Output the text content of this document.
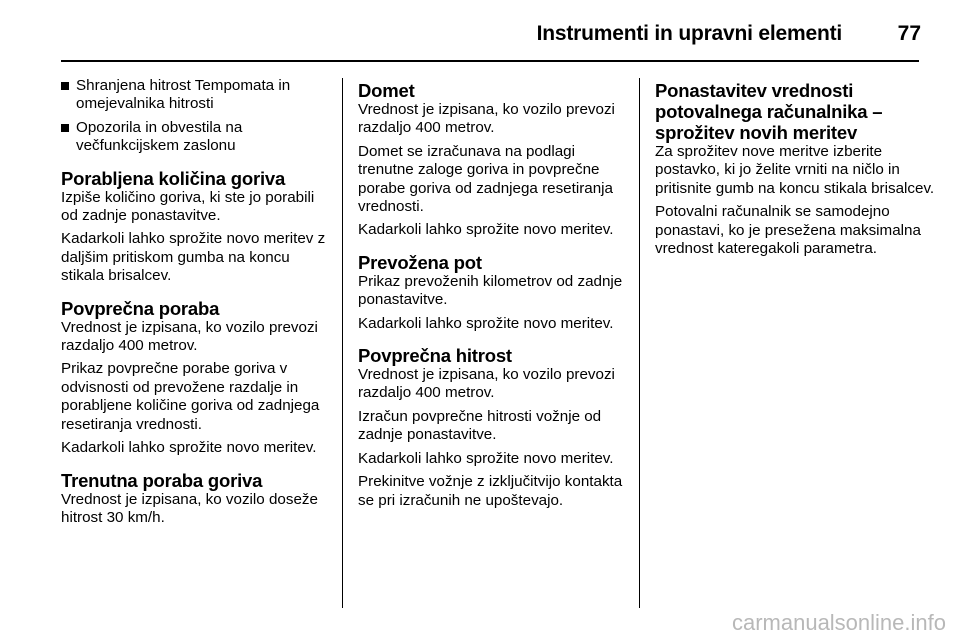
Instrumenti in upravni elementi	77
Shranjena hitrost Tempomata in omejevalnika hitrosti
Opozorila in obvestila na večfunkcijskem zaslonu
Porabljena količina goriva

Izpiše količino goriva, ki ste jo porabili od zadnje ponastavitve.

Kadarkoli lahko sprožite novo meritev z daljšim pritiskom gumba na koncu stikala brisalcev.

Povprečna poraba

Vrednost je izpisana, ko vozilo prevozi razdaljo 400 metrov.

Prikaz povprečne porabe goriva v odvisnosti od prevožene razdalje in porabljene količine goriva od zadnjega resetiranja vrednosti.

Kadarkoli lahko sprožite novo meritev.

Trenutna poraba goriva

Vrednost je izpisana, ko vozilo doseže hitrost 30 km/h.

Domet

Vrednost je izpisana, ko vozilo prevozi razdaljo 400 metrov.

Domet se izračunava na podlagi trenutne zaloge goriva in povprečne porabe goriva od zadnjega resetiranja vrednosti.

Kadarkoli lahko sprožite novo meritev.

Prevožena pot

Prikaz prevoženih kilometrov od zadnje ponastavitve.

Kadarkoli lahko sprožite novo meritev.

Povprečna hitrost

Vrednost je izpisana, ko vozilo prevozi razdaljo 400 metrov.

Izračun povprečne hitrosti vožnje od zadnje ponastavitve.

Kadarkoli lahko sprožite novo meritev.

Prekinitve vožnje z izključitvijo kontakta se pri izračunih ne upoštevajo.

Ponastavitev vrednosti potovalnega računalnika – sprožitev novih meritev

Za sprožitev nove meritve izberite postavko, ki jo želite vrniti na ničlo in pritisnite gumb na koncu stikala brisalcev.

Potovalni računalnik se samodejno ponastavi, ko je presežena maksimalna vrednost kateregakoli parametra.

carmanualsonline.info
